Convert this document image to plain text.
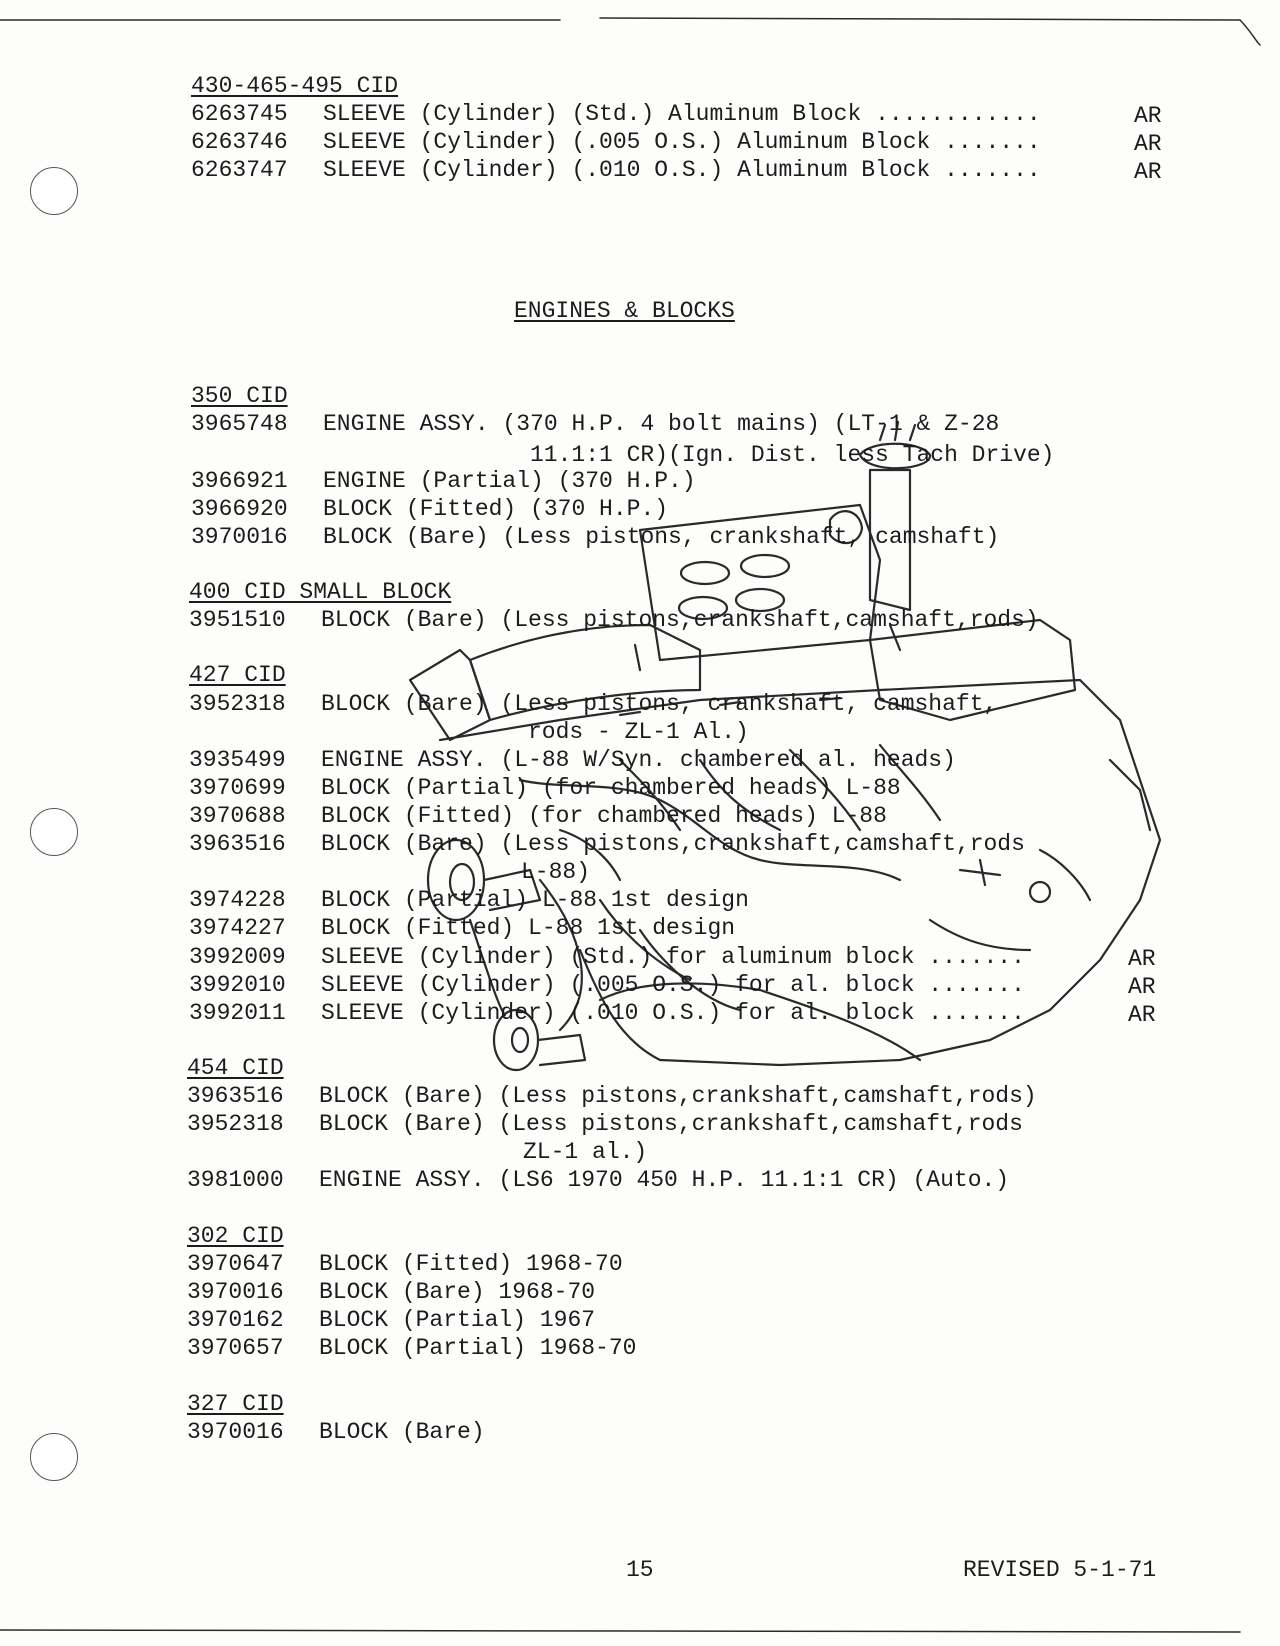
430-465-495 CID
6263745 SLEEVE (Cylinder) (Std.) Aluminum Block ............	AR
6263746 SLEEVE (Cylinder) (.005 O.S.) Aluminum Block .......	AR
6263747 SLEEVE (Cylinder) (.010 O.S.) Aluminum Block .......	AR
ENGINES & BLOCKS
350 CID
3965748 ENGINE ASSY. (370 H.P. 4 bolt mains) (LT-1 & Z-28
11.1:1 CR)(Ign. Dist. less Tach Drive)
3966921 ENGINE (Partial) (370 H.P.)
3966920 BLOCK (Fitted) (370 H.P.)
3970016 BLOCK (Bare) (Less pistons, crankshaft, camshaft)
400 CID SMALL BLOCK
3951510 BLOCK (Bare) (Less pistons,crankshaft,camshaft,rods)
427 CID
3952318 BLOCK (Bare) (Less pistons, crankshaft, camshaft,
rods - ZL-1 Al.)
3935499 ENGINE ASSY. (L-88 W/Syn. chambered al. heads)
3970699 BLOCK (Partial) (for chambered heads) L-88
3970688 BLOCK (Fitted) (for chambered heads) L-88
3963516 BLOCK (Bare) (Less pistons,crankshaft,camshaft,rods
L-88)
3974228 BLOCK (Partial) L-88 1st design
3974227 BLOCK (Fitted) L-88 1st design
3992009 SLEEVE (Cylinder) (Std.) for aluminum block .......	AR
3992010 SLEEVE (Cylinder) (.005 O.S.) for al. block .......	AR
3992011 SLEEVE (Cylinder) (.010 O.S.) for al. block .......	AR
454 CID
3963516 BLOCK (Bare) (Less pistons,crankshaft,camshaft,rods)
3952318 BLOCK (Bare) (Less pistons,crankshaft,camshaft,rods
ZL-1 al.)
3981000 ENGINE ASSY. (LS6 1970 450 H.P. 11.1:1 CR) (Auto.)
302 CID
3970647 BLOCK (Fitted) 1968-70
3970016 BLOCK (Bare) 1968-70
3970162 BLOCK (Partial) 1967
3970657 BLOCK (Partial) 1968-70
327 CID
3970016 BLOCK (Bare)
15	REVISED 5-1-71
